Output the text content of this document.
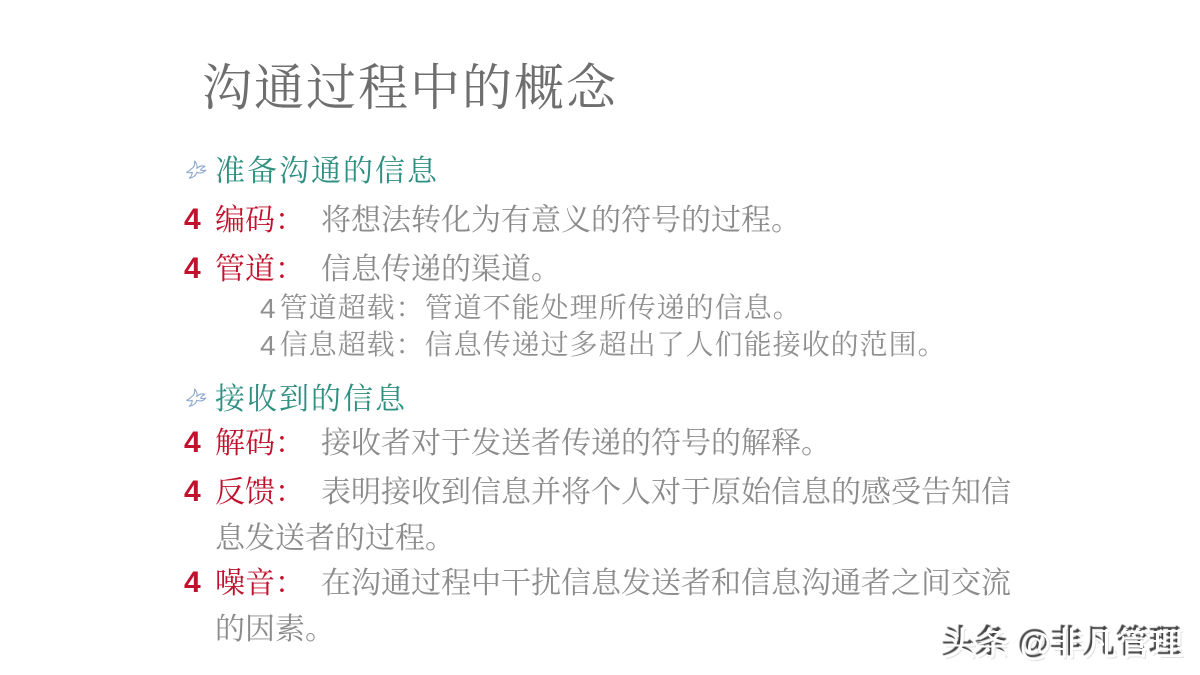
沟通过程中的概念
准备沟通的信息
4 编码： 将想法转化为有意义的符号的过程。
4 管道： 信息传递的渠道。
4 管道超载：管道不能处理所传递的信息。
4 信息超载：信息传递过多超出了人们能接收的范围。
接收到的信息
4 解码： 接收者对于发送者传递的符号的解释。
4 反馈： 表明接收到信息并将个人对于原始信息的感受告知信
息发送者的过程。
4 噪音： 在沟通过程中干扰信息发送者和信息沟通者之间交流
的因素。	头条 @非凡管理
